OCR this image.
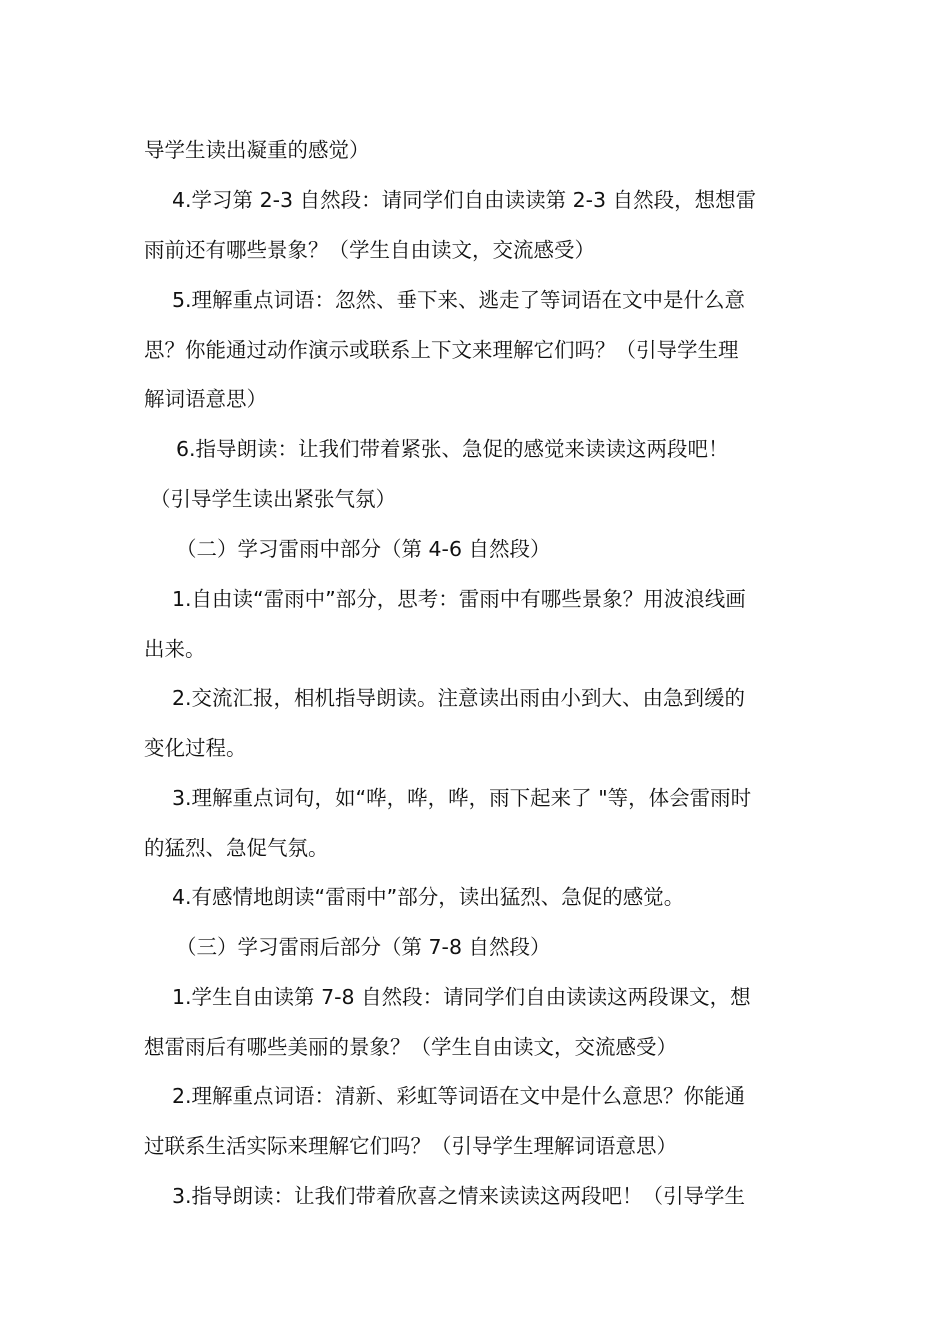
导学生读出凝重的感觉）
4.学习第 2-3 自然段：请同学们自由读读第 2-3 自然段，想想雷
雨前还有哪些景象？（学生自由读文，交流感受）
5.理解重点词语：忽然、垂下来、逃走了等词语在文中是什么意
思？你能通过动作演示或联系上下文来理解它们吗？（引导学生理
解词语意思）
6.指导朗读：让我们带着紧张、急促的感觉来读读这两段吧！
（引导学生读出紧张气氛）
（二）学习雷雨中部分（第 4-6 自然段）
1.自由读“雷雨中”部分，思考：雷雨中有哪些景象？用波浪线画
出来。
2.交流汇报，相机指导朗读。注意读出雨由小到大、由急到缓的
变化过程。
3.理解重点词句，如“哗，哗，哗，雨下起来了 "等，体会雷雨时
的猛烈、急促气氛。
4.有感情地朗读“雷雨中”部分，读出猛烈、急促的感觉。
（三）学习雷雨后部分（第 7-8 自然段）
1.学生自由读第 7-8 自然段：请同学们自由读读这两段课文，想
想雷雨后有哪些美丽的景象？（学生自由读文，交流感受）
2.理解重点词语：清新、彩虹等词语在文中是什么意思？你能通
过联系生活实际来理解它们吗？（引导学生理解词语意思）
3.指导朗读：让我们带着欣喜之情来读读这两段吧！（引导学生
